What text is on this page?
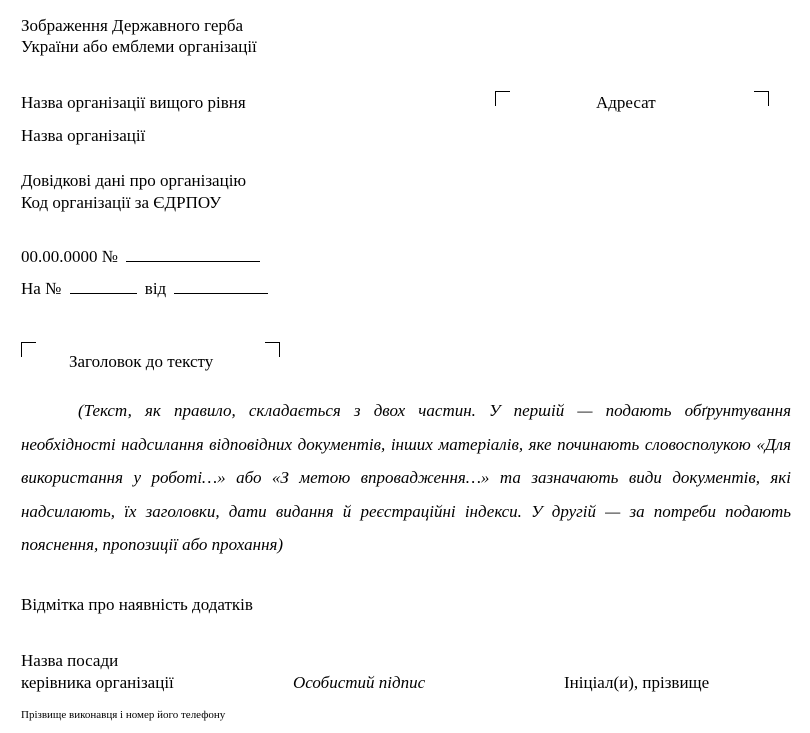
Зображення Державного герба
України або емблеми організації
Назва організації вищого рівня
Назва організації
Довідкові дані про організацію
Код організації за ЄДРПОУ
Адресат
00.00.0000 №
На №	від
Заголовок до тексту
(Текст, як правило, складається з двох частин. У першій — подають обґрунтування необхідності надсилання відповідних документів, інших матеріалів, яке починають словосполукою «Для використання у роботі…» або «З метою впровадження…» та зазначають види документів, які надсилають, їх заголовки, дати видання й реєстраційні індекси. У другій — за потреби подають пояснення, пропозиції або прохання)
Відмітка про наявність додатків
Назва посади
керівника організації	Особистий підпис	Ініціал(и), прізвище
Прізвище виконавця і номер його телефону
